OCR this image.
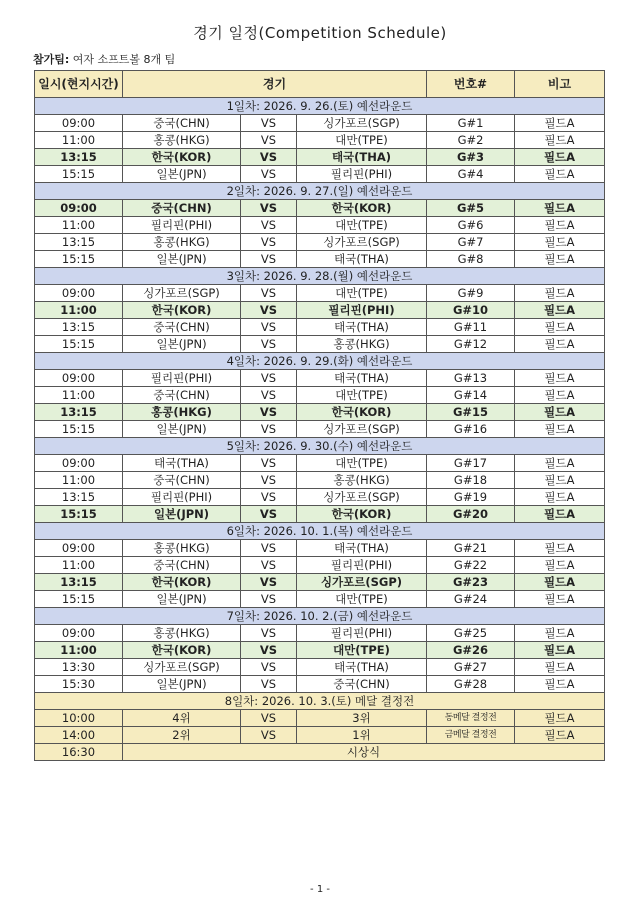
경기 일정(Competition Schedule)
참가팀: 여자 소프트볼 8개 팀
일시(현지시간)	경기			번호#	비고
1일차: 2026. 9. 26.(토) 예선라운드					
09:00	중국(CHN)	VS	싱가포르(SGP)	G#1	필드A
11:00	홍콩(HKG)	VS	대만(TPE)	G#2	필드A
13:15	한국(KOR)	VS	태국(THA)	G#3	필드A
15:15	일본(JPN)	VS	필리핀(PHI)	G#4	필드A
2일차: 2026. 9. 27.(일) 예선라운드					
09:00	중국(CHN)	VS	한국(KOR)	G#5	필드A
11:00	필리핀(PHI)	VS	대만(TPE)	G#6	필드A
13:15	홍콩(HKG)	VS	싱가포르(SGP)	G#7	필드A
15:15	일본(JPN)	VS	태국(THA)	G#8	필드A
3일차: 2026. 9. 28.(월) 예선라운드					
09:00	싱가포르(SGP)	VS	대만(TPE)	G#9	필드A
11:00	한국(KOR)	VS	필리핀(PHI)	G#10	필드A
13:15	중국(CHN)	VS	태국(THA)	G#11	필드A
15:15	일본(JPN)	VS	홍콩(HKG)	G#12	필드A
4일차: 2026. 9. 29.(화) 예선라운드					
09:00	필리핀(PHI)	VS	태국(THA)	G#13	필드A
11:00	중국(CHN)	VS	대만(TPE)	G#14	필드A
13:15	홍콩(HKG)	VS	한국(KOR)	G#15	필드A
15:15	일본(JPN)	VS	싱가포르(SGP)	G#16	필드A
5일차: 2026. 9. 30.(수) 예선라운드					
09:00	태국(THA)	VS	대만(TPE)	G#17	필드A
11:00	중국(CHN)	VS	홍콩(HKG)	G#18	필드A
13:15	필리핀(PHI)	VS	싱가포르(SGP)	G#19	필드A
15:15	일본(JPN)	VS	한국(KOR)	G#20	필드A
6일차: 2026. 10. 1.(목) 예선라운드					
09:00	홍콩(HKG)	VS	태국(THA)	G#21	필드A
11:00	중국(CHN)	VS	필리핀(PHI)	G#22	필드A
13:15	한국(KOR)	VS	싱가포르(SGP)	G#23	필드A
15:15	일본(JPN)	VS	대만(TPE)	G#24	필드A
7일차: 2026. 10. 2.(금) 예선라운드					
09:00	홍콩(HKG)	VS	필리핀(PHI)	G#25	필드A
11:00	한국(KOR)	VS	대만(TPE)	G#26	필드A
13:30	싱가포르(SGP)	VS	태국(THA)	G#27	필드A
15:30	일본(JPN)	VS	중국(CHN)	G#28	필드A
8일차: 2026. 10. 3.(토) 메달 결정전					
10:00	4위	VS	3위	동메달 결정전	필드A
14:00	2위	VS	1위	금메달 결정전	필드A
16:30	시상식				
- 1 -
